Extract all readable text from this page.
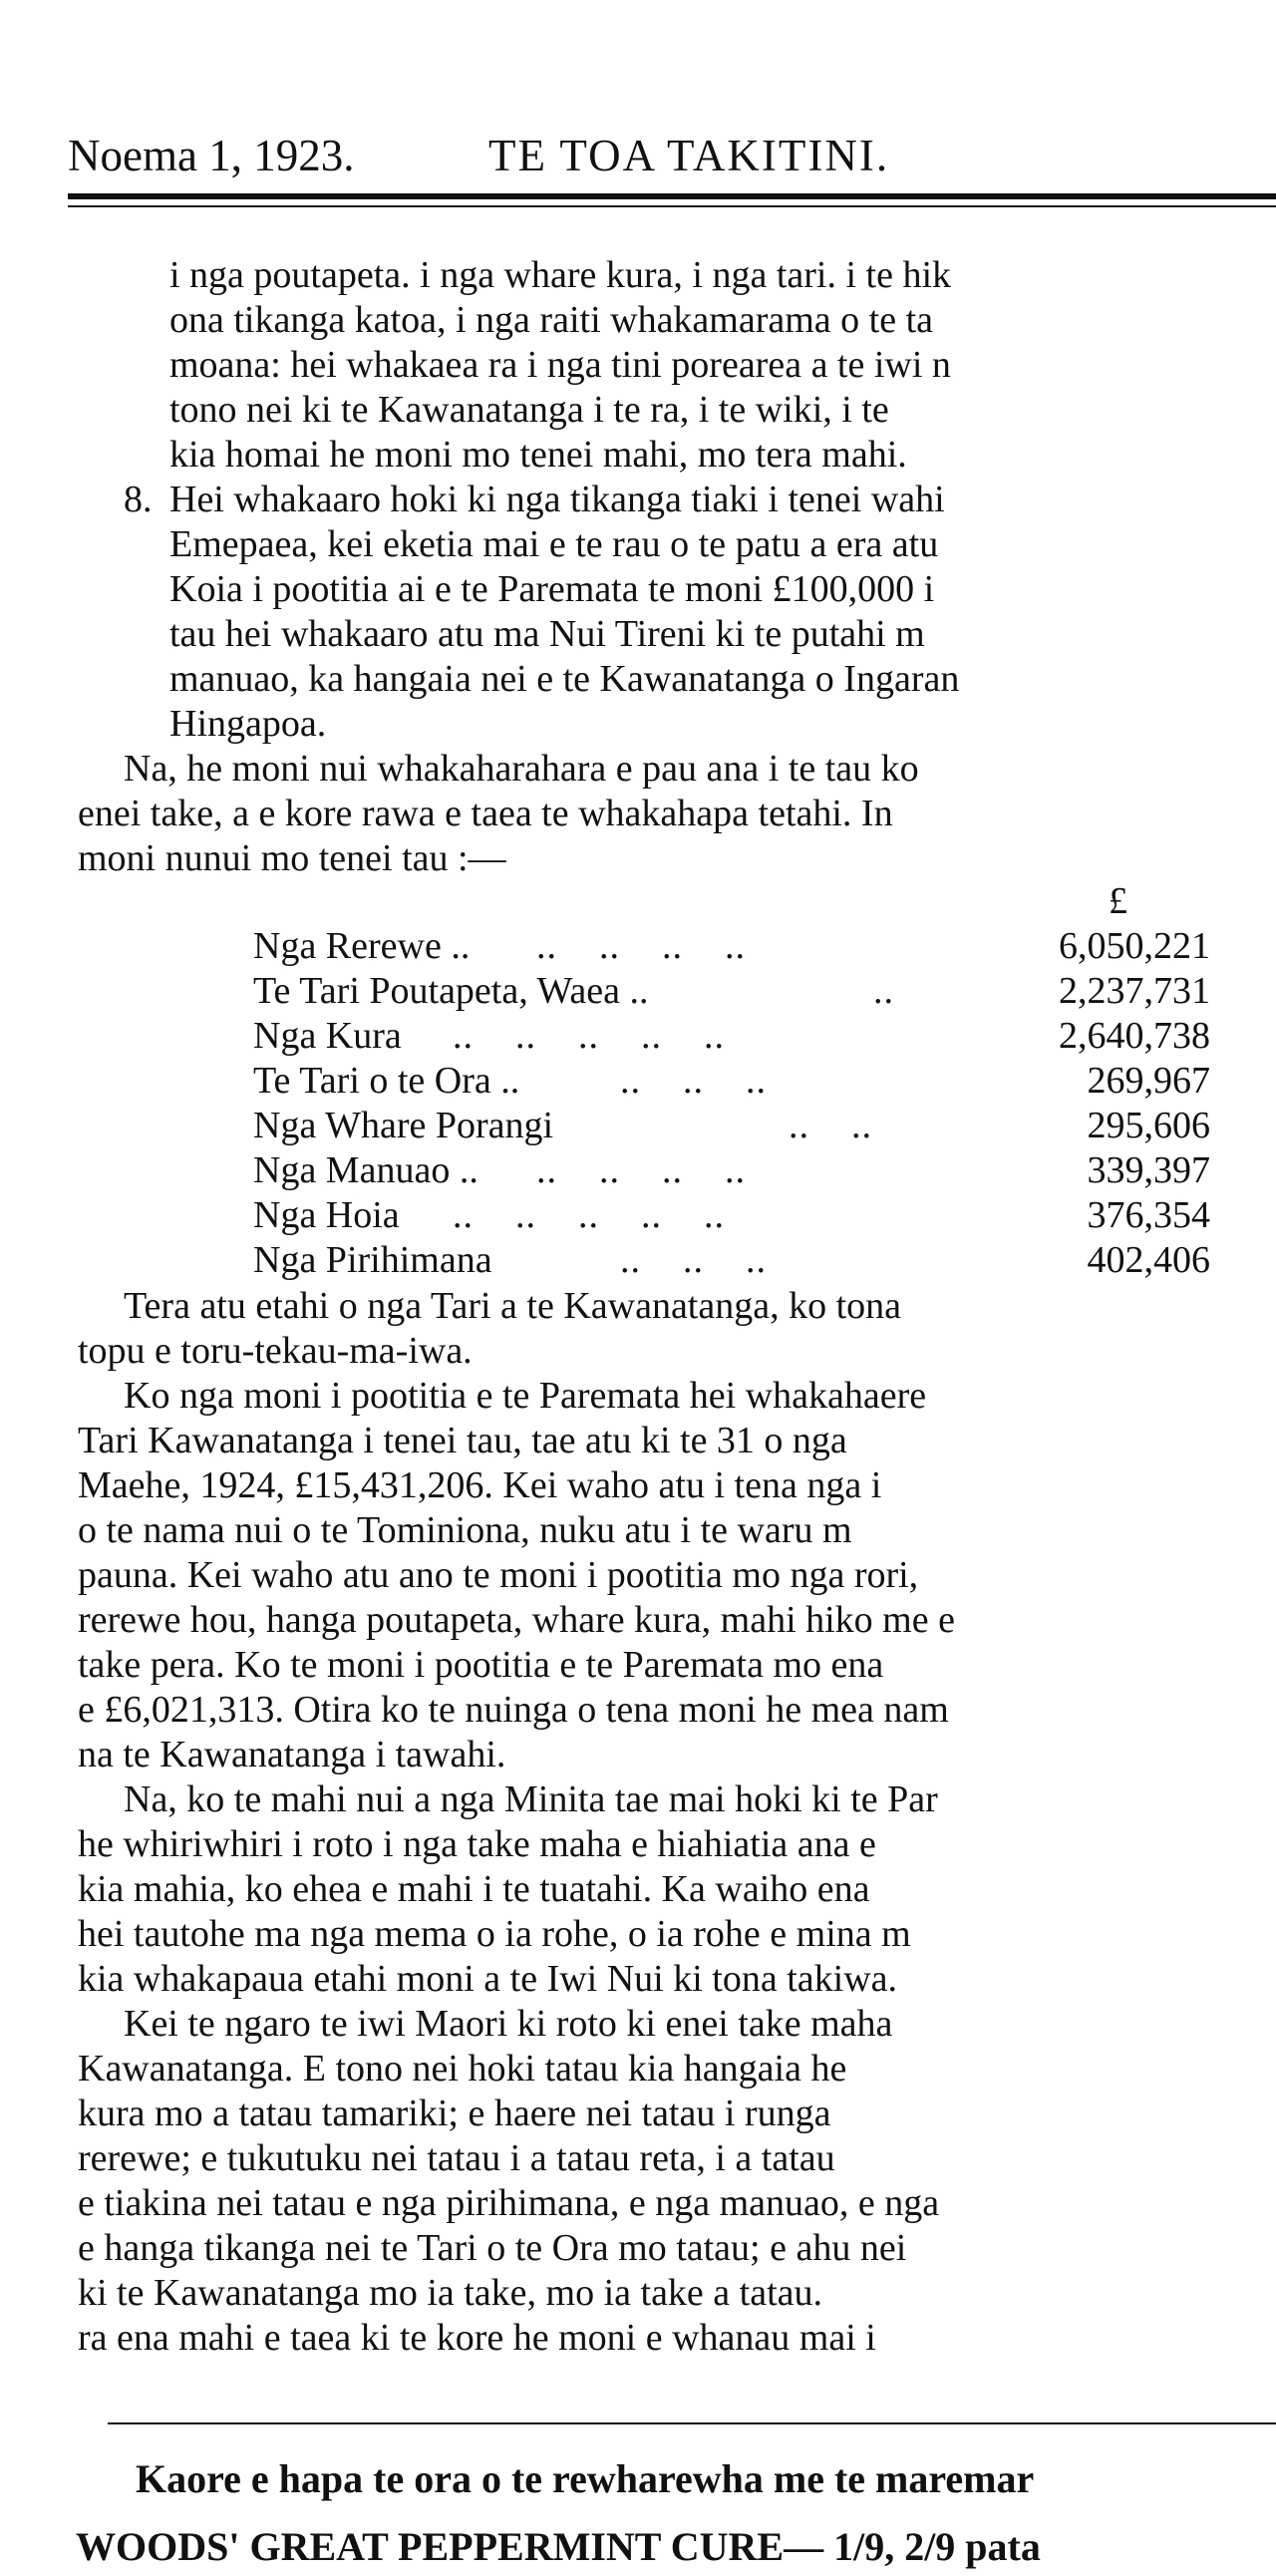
Noema 1, 1923.	TE TOA TAKITINI.
i nga poutapeta. i nga whare kura, i nga tari. i te hik
ona tikanga katoa, i nga raiti whakamarama o te ta
moana: hei whakaea ra i nga tini porearea a te iwi n
tono nei ki te Kawanatanga i te ra, i te wiki, i te
kia homai he moni mo tenei mahi, mo tera mahi.
8. Hei whakaaro hoki ki nga tikanga tiaki i tenei wahi
Emepaea, kei eketia mai e te rau o te patu a era atu
Koia i pootitia ai e te Paremata te moni £100,000 i
tau hei whakaaro atu ma Nui Tireni ki te putahi m
manuao, ka hangaia nei e te Kawanatanga o Ingaran
Hingapoa.
Na, he moni nui whakaharahara e pau ana i te tau ko
enei take, a e kore rawa e taea te whakahapa tetahi. In
moni nunui mo tenei tau :—
£
Nga Rerewe .. ..    ..    ..    ..	6,050,221
Te Tari Poutapeta, Waea ..	..	2,237,731
Nga Kura ..    ..    ..    ..    ..	2,640,738
Te Tari o te Ora ..	..    ..    ..	269,967
Nga Whare Porangi	..    ..	295,606
Nga Manuao .. ..    ..    ..    ..	339,397
Nga Hoia ..    ..    ..    ..    ..	376,354
Nga Pirihimana	..    ..    ..	402,406
Tera atu etahi o nga Tari a te Kawanatanga, ko tona
topu e toru-tekau-ma-iwa.
Ko nga moni i pootitia e te Paremata hei whakahaere
Tari Kawanatanga i tenei tau, tae atu ki te 31 o nga
Maehe, 1924, £15,431,206. Kei waho atu i tena nga i
o te nama nui o te Tominiona, nuku atu i te waru m
pauna. Kei waho atu ano te moni i pootitia mo nga rori,
rerewe hou, hanga poutapeta, whare kura, mahi hiko me e
take pera. Ko te moni i pootitia e te Paremata mo ena
e £6,021,313. Otira ko te nuinga o tena moni he mea nam
na te Kawanatanga i tawahi.
Na, ko te mahi nui a nga Minita tae mai hoki ki te Par
he whiriwhiri i roto i nga take maha e hiahiatia ana e
kia mahia, ko ehea e mahi i te tuatahi. Ka waiho ena
hei tautohe ma nga mema o ia rohe, o ia rohe e mina m
kia whakapaua etahi moni a te Iwi Nui ki tona takiwa.
Kei te ngaro te iwi Maori ki roto ki enei take maha
Kawanatanga. E tono nei hoki tatau kia hangaia he
kura mo a tatau tamariki; e haere nei tatau i runga
rerewe; e tukutuku nei tatau i a tatau reta, i a tatau
e tiakina nei tatau e nga pirihimana, e nga manuao, e nga
e hanga tikanga nei te Tari o te Ora mo tatau; e ahu nei
ki te Kawanatanga mo ia take, mo ia take a tatau.
ra ena mahi e taea ki te kore he moni e whanau mai i
Kaore e hapa te ora o te rewharewha me te maremar
WOODS' GREAT PEPPERMINT CURE— 1/9, 2/9 pata
